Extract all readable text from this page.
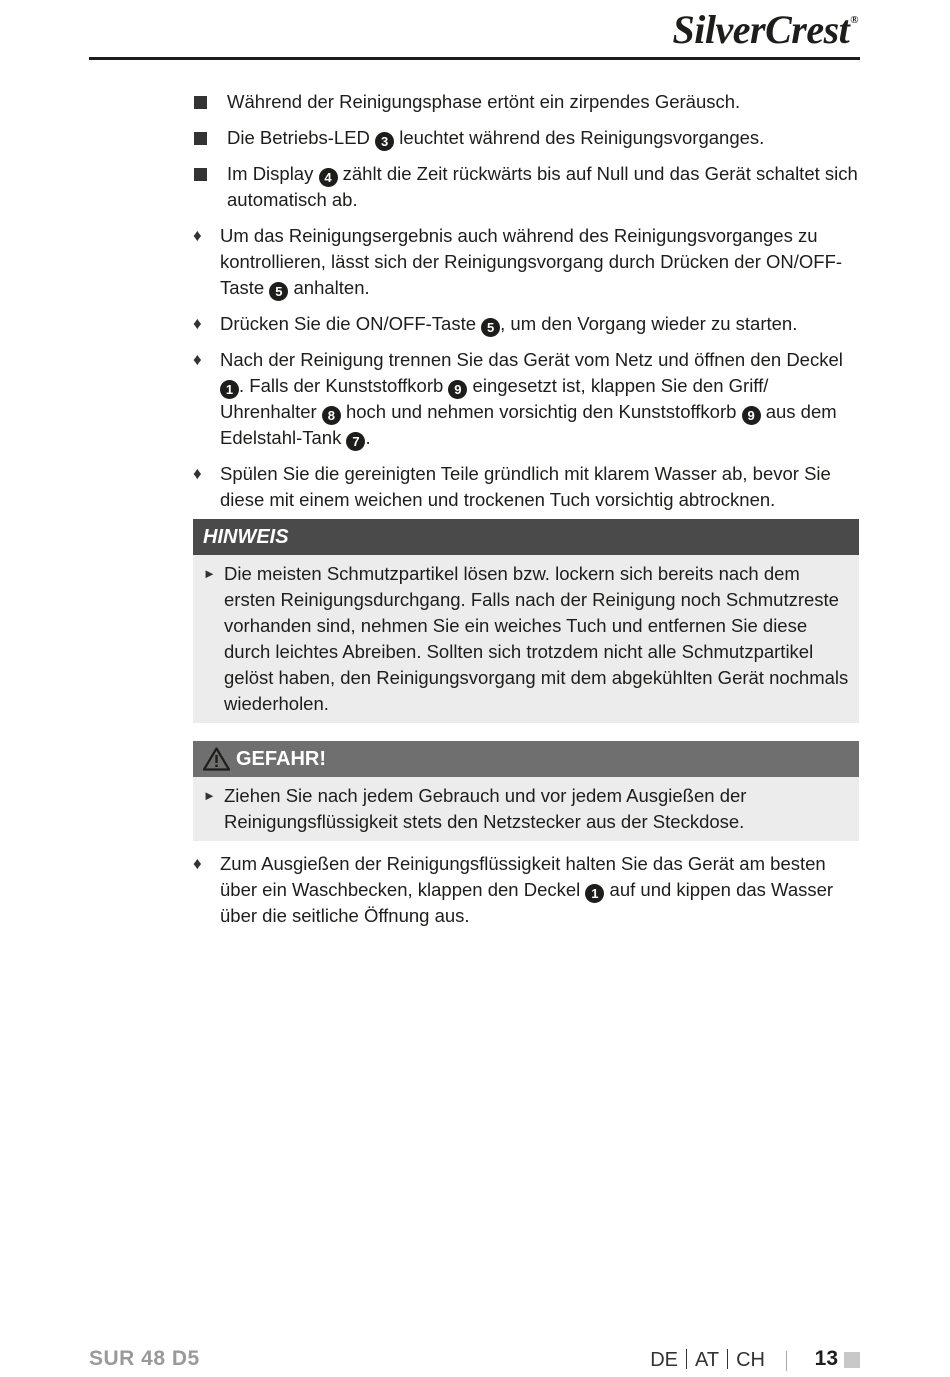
SilverCrest®
Während der Reinigungsphase ertönt ein zirpendes Geräusch.
Die Betriebs-LED 3 leuchtet während des Reinigungsvorganges.
Im Display 4 zählt die Zeit rückwärts bis auf Null und das Gerät schaltet sich automatisch ab.
♦ Um das Reinigungsergebnis auch während des Reinigungsvorganges zu kontrollieren, lässt sich der Reinigungsvorgang durch Drücken der ON/OFF-Taste 5 anhalten.
♦ Drücken Sie die ON/OFF-Taste 5 , um den Vorgang wieder zu starten.
♦ Nach der Reinigung trennen Sie das Gerät vom Netz und öffnen den Deckel 1 . Falls der Kunststoffkorb 9 eingesetzt ist, klappen Sie den Griff/ Uhrenhalter 8 hoch und nehmen vorsichtig den Kunststoffkorb 9 aus dem Edelstahl-Tank 7 .
♦ Spülen Sie die gereinigten Teile gründlich mit klarem Wasser ab, bevor Sie diese mit einem weichen und trockenen Tuch vorsichtig abtrocknen.
HINWEIS
► Die meisten Schmutzpartikel lösen bzw. lockern sich bereits nach dem ersten Reinigungsdurchgang. Falls nach der Reinigung noch Schmutzreste vorhanden sind, nehmen Sie ein weiches Tuch und entfernen Sie diese durch leichtes Abreiben. Sollten sich trotzdem nicht alle Schmutzpartikel gelöst haben, den Reinigungsvorgang mit dem abgekühlten Gerät nochmals wiederholen.
GEFAHR!
► Ziehen Sie nach jedem Gebrauch und vor jedem Ausgießen der Reinigungsflüssigkeit stets den Netzstecker aus der Steckdose.
♦ Zum Ausgießen der Reinigungsflüssigkeit halten Sie das Gerät am besten über ein Waschbecken, klappen den Deckel 1 auf und kippen das Wasser über die seitliche Öffnung aus.
SUR 48 D5	DE AT CH 13
